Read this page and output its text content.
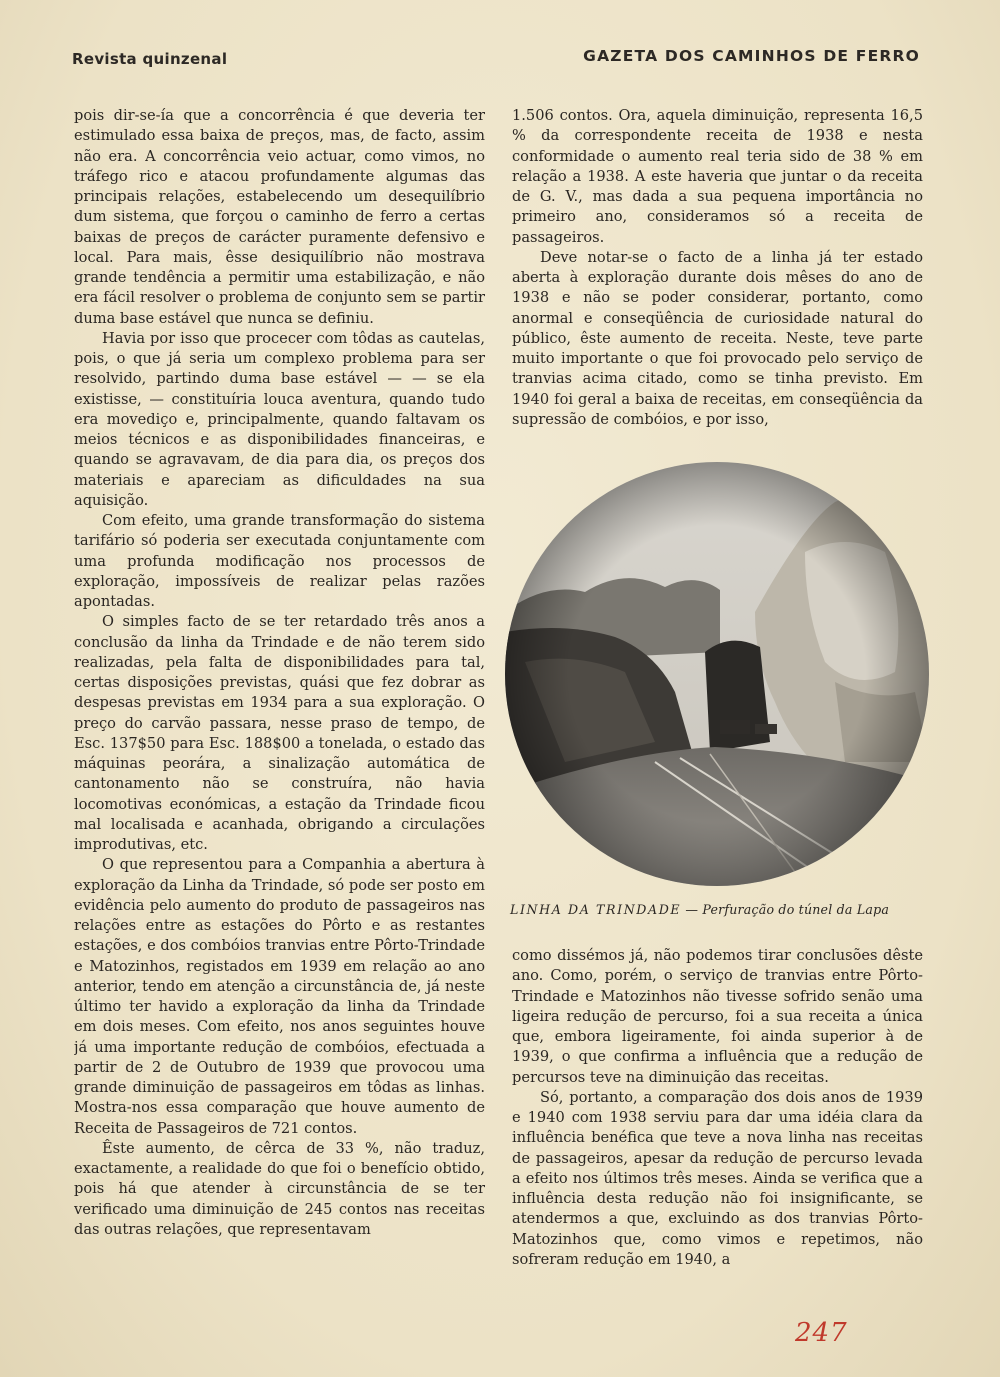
Revista quinzenal	GAZETA DOS CAMINHOS DE FERRO

pois dir-se-ía que a concorrência é que deveria ter estimulado essa baixa de preços, mas, de facto, assim não era. A concorrência veio actuar, como vimos, no tráfego rico e atacou profundamente algumas das principais relações, estabelecendo um desequilíbrio dum sistema, que forçou o caminho de ferro a certas baixas de preços de carácter puramente defensivo e local. Para mais, êsse desiquilíbrio não mostrava grande tendência a permitir uma estabilização, e não era fácil resolver o problema de conjunto sem se partir duma base estável que nunca se definiu.

Havia por isso que procecer com tôdas as cautelas, pois, o que já seria um complexo problema para ser resolvido, partindo duma base estável — — se ela existisse, — constituíria louca aventura, quando tudo era movediço e, principalmente, quando faltavam os meios técnicos e as disponibilidades financeiras, e quando se agravavam, de dia para dia, os preços dos materiais e apareciam as dificuldades na sua aquisição.

Com efeito, uma grande transformação do sistema tarifário só poderia ser executada conjuntamente com uma profunda modificação nos processos de exploração, impossíveis de realizar pelas razões apontadas.

O simples facto de se ter retardado três anos a conclusão da linha da Trindade e de não terem sido realizadas, pela falta de disponibilidades para tal, certas disposições previstas, quási que fez dobrar as despesas previstas em 1934 para a sua exploração. O preço do carvão passara, nesse praso de tempo, de Esc. 137$50 para Esc. 188$00 a tonelada, o estado das máquinas peorára, a sinalização automática de cantonamento não se construíra, não havia locomotivas económicas, a estação da Trindade ficou mal localisada e acanhada, obrigando a circulações improdutivas, etc.

O que representou para a Companhia a abertura à exploração da Linha da Trindade, só pode ser posto em evidência pelo aumento do produto de passageiros nas relações entre as estações do Pôrto e as restantes estações, e dos combóios tranvias entre Pôrto-Trindade e Matozinhos, registados em 1939 em relação ao ano anterior, tendo em atenção a circunstância de, já neste último ter havido a exploração da linha da Trindade em dois meses. Com efeito, nos anos seguintes houve já uma importante redução de combóios, efectuada a partir de 2 de Outubro de 1939 que provocou uma grande diminuição de passageiros em tôdas as linhas. Mostra-nos essa comparação que houve aumento de Receita de Passageiros de 721 contos.

Êste aumento, de cêrca de 33 %, não traduz, exactamente, a realidade do que foi o benefício obtido, pois há que atender à circunstância de se ter verificado uma diminuição de 245 contos nas receitas das outras relações, que representavam

1.506 contos. Ora, aquela diminuição, representa 16,5 % da correspondente receita de 1938 e nesta conformidade o aumento real teria sido de 38 % em relação a 1938. A este haveria que juntar o da receita de G. V., mas dada a sua pequena importância no primeiro ano, consideramos só a receita de passageiros.

Deve notar-se o facto de a linha já ter estado aberta à exploração durante dois mêses do ano de 1938 e não se poder considerar, portanto, como anormal e conseqüência de curiosidade natural do público, êste aumento de receita. Neste, teve parte muito importante o que foi provocado pelo serviço de tranvias acima citado, como se tinha previsto. Em 1940 foi geral a baixa de receitas, em conseqüência da supressão de combóios, e por isso,

LINHA DA TRINDADE — Perfuração do túnel da Lapa

como dissémos já, não podemos tirar conclusões dêste ano. Como, porém, o serviço de tranvias entre Pôrto-Trindade e Matozinhos não tivesse sofrido senão uma ligeira redução de percurso, foi a sua receita a única que, embora ligeiramente, foi ainda superior à de 1939, o que confirma a influência que a redução de percursos teve na diminuição das receitas.

Só, portanto, a comparação dos dois anos de 1939 e 1940 com 1938 serviu para dar uma idéia clara da influência benéfica que teve a nova linha nas receitas de passageiros, apesar da redução de percurso levada a efeito nos últimos três meses. Ainda se verifica que a influência desta redução não foi insignificante, se atendermos a que, excluindo as dos tranvias Pôrto-Matozinhos que, como vimos e repetimos, não sofreram redução em 1940, a

247
